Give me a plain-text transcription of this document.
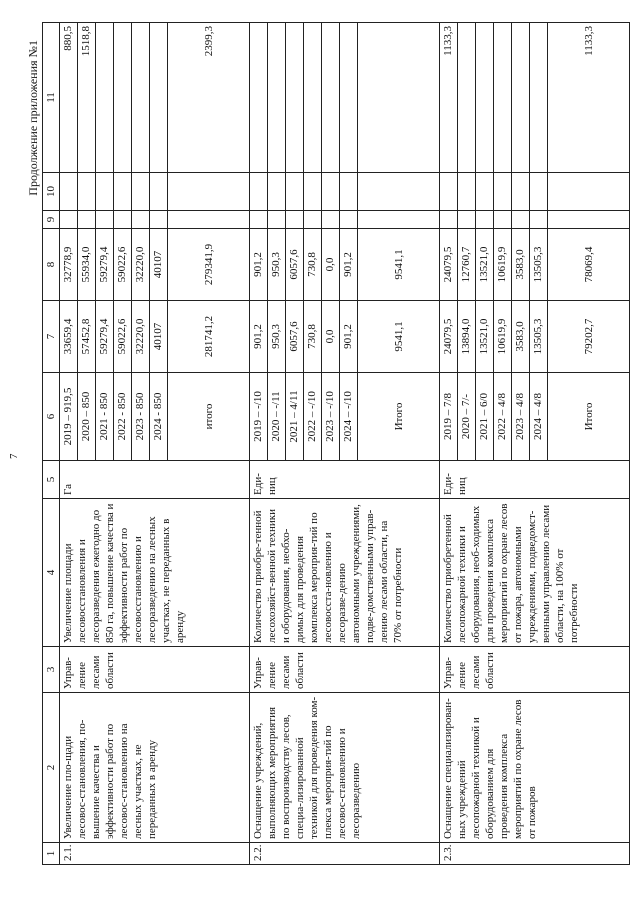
7
Продолжение приложения №1
1	2	3	4	5	6	7	8	9	10	11
2.1.	Увеличение пло-щади лесовос-становления, по-вышение качества и эффективности работ по лесовос-становлению на лесных участках, не переданных в аренду	Управ-ление лесами области	Увеличение площади лесовосстановления и лесоразведения ежегодно до 850 га, повышение качества и эффективности работ по лесовосстановлению и лесоразведению на лесных участках, не переданных в аренду	Га	2019 – 919,5	33659,4	32778,9			880,5
					2020 – 850	57452,8	55934,0			1518,8
					2021 - 850	59279,4	59279,4			
					2022 - 850	59022,6	59022,6			
					2023 - 850	32220,0	32220,0			
					2024 - 850	40107	40107			
					итого	281741,2	279341,9			2399,3
2.2.	Оснащение учреждений, выполняющих мероприятия по воспроизводству лесов, специа-лизированной техникой для проведения ком-плекса мероприя-тий по лесовос-становлению и лесоразведению	Управ-ление лесами области	Количество приобре-тенной лесохозяйст-венной техники и оборудования, необхо-димых для проведения комплекса мероприя-тий по лесовосста-новлению и лесоразве-дению автономными учреждениями, подве-домственными управ-лению лесами области, на 70% от потребности	Еди-ниц	2019 – -/10	901,2	901,2			
					2020 – -/11	950,3	950,3			
					2021 – 4/11	6057,6	6057,6			
					2022 – -/10	730,8	730,8			
					2023 – -/10	0,0	0,0			
					2024 – -/10	901,2	901,2			
					Итого	9541,1	9541,1			
2.3.	Оснащение специализирован-ных учреждений лесопожарной техникой и оборудованием для проведения комплекса мероприятий по охране лесов от пожаров	Управ-ление лесами области	Количество приобретенной лесопожарной техники и оборудования, необ-ходимых для проведения комплекса мероприятий по охране лесов от пожара, автономными учреждениями, подведомст-венными управлению лесами области, на 100% от потребности	Еди-ниц	2019 – 7/8	24079,5	24079,5			1133,3
					2020 – 7/-	13894,0	12760,7			
					2021 – 6/0	13521,0	13521,0			
					2022 – 4/8	10619,9	10619,9			
					2023 – 4/8	3583,0	3583,0			
					2024 – 4/8	13505,3	13505,3			
					Итого	79202,7	78069,4			1133,3
